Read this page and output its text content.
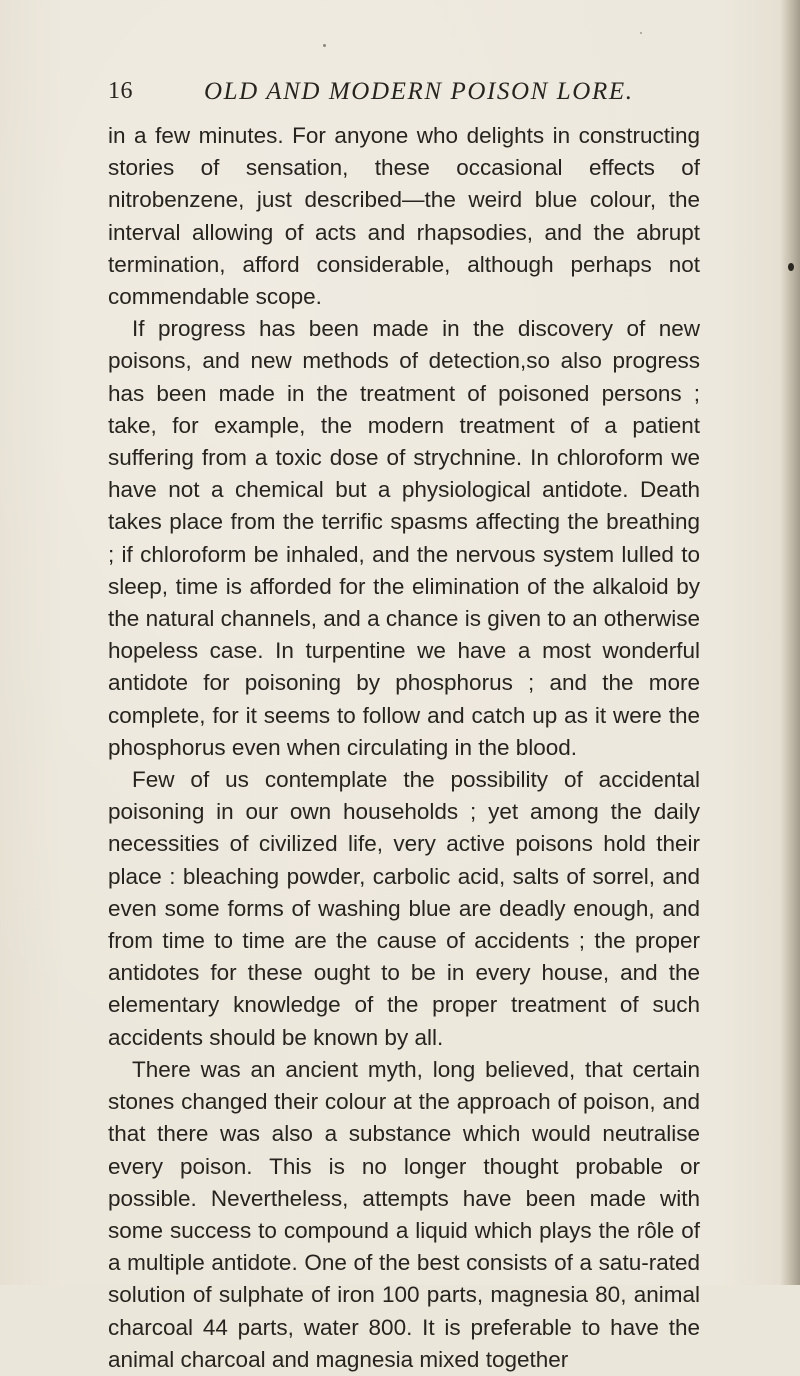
16	OLD AND MODERN POISON LORE.

in a few minutes. For anyone who delights in constructing stories of sensation, these occasional effects of nitrobenzene, just described—the weird blue colour, the interval allowing of acts and rhapsodies, and the abrupt termination, afford considerable, although perhaps not commendable scope.

If progress has been made in the discovery of new poisons, and new methods of detection,so also progress has been made in the treatment of poisoned persons ; take, for example, the modern treatment of a patient suffering from a toxic dose of strychnine. In chloroform we have not a chemical but a physiological antidote. Death takes place from the terrific spasms affecting the breathing ; if chloroform be inhaled, and the nervous system lulled to sleep, time is afforded for the elimination of the alkaloid by the natural channels, and a chance is given to an otherwise hopeless case. In turpentine we have a most wonderful antidote for poisoning by phosphorus ; and the more complete, for it seems to follow and catch up as it were the phosphorus even when circulating in the blood.

Few of us contemplate the possibility of accidental poisoning in our own households ; yet among the daily necessities of civilized life, very active poisons hold their place : bleaching powder, carbolic acid, salts of sorrel, and even some forms of washing blue are deadly enough, and from time to time are the cause of accidents ; the proper antidotes for these ought to be in every house, and the elementary knowledge of the proper treatment of such accidents should be known by all.

There was an ancient myth, long believed, that certain stones changed their colour at the approach of poison, and that there was also a substance which would neutralise every poison. This is no longer thought probable or possible. Nevertheless, attempts have been made with some success to compound a liquid which plays the rôle of a multiple antidote. One of the best consists of a satu-rated solution of sulphate of iron 100 parts, magnesia 80, animal charcoal 44 parts, water 800. It is preferable to have the animal charcoal and magnesia mixed together
